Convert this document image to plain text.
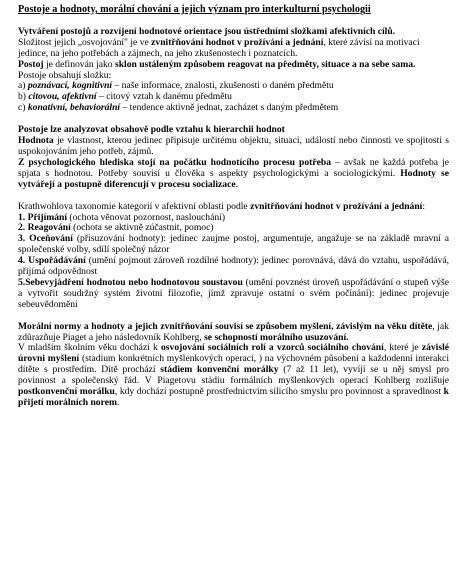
Postoje a hodnoty, morální chování a jejich význam pro interkulturní psychologii

Vytváření postojů a rozvíjení hodnotové orientace jsou ústředními složkami afektivních cílů.

Složitost jejich „osvojování" je ve zvnitřňování hodnot v prožívání a jednání, které závisí na motivaci jedince, na jeho potřebách a zájmech, na jeho zkušenostech i poznatcích.

Postoj je definován jako sklon ustáleným způsobem reagovat na předměty, situace a na sebe sama.

Postoje obsahují složku:

a) poznávací, kognitivní – naše informace, znalosti, zkušenosti o daném předmětu

b) citovou, afektivní – citový vztah k danému předmětu

c) konativní, behaviorální – tendence aktivně jednat, zacházet s daným předmětem

Postoje lze analyzovat obsahově podle vztahu k hierarchii hodnot

Hodnota je vlastnost, kterou jedinec připisuje určitému objektu, situaci, událostí nebo činnosti ve spojitosti s uspokojováním jeho potřeb, zájmů.

Z psychologického hlediska stojí na počátku hodnotícího procesu potřeba – avšak ne každá potřeba je spjata s hodnotou. Potřeby souvisí u člověka s aspekty psychologickými a sociologickými. Hodnoty se vytvářejí a postupně diferencují v procesu socializace.

Krathwohlova taxonomie kategorií v afektivní oblasti podle zvnitřňování hodnot v prožívání a jednání:

1. Přijímání (ochota věnovat pozornost, naslouchání)

2. Reagování (ochota se aktivně zúčastnit, pomoc)

3. Oceňování (přisuzování hodnoty): jedinec zaujme postoj, argumentuje, angažuje se na základě mravní a společenské volby, sdílí společný názor

4. Uspořádávání (umění pojmout zároveň rozdílné hodnoty): jedinec porovnává, dává do vztahu, uspořádává, přijímá odpovědnost

5.Sebevyjádření hodnotou nebo hodnotovou soustavou (umění povznést úroveň uspořádávání o stupeň výše a vytvořit soudržný systém životní filozofie, jímž zpravuje ostatní o svém počínání): jedinec projevuje sebeuvědomění

Morální normy a hodnoty a jejich zvnitřňování souvisí se způsobem myšlení, závislým na věku dítěte, jak zdůrazňuje Piaget a jeho následovník Kohlberg, se schopností morálního usuzování.

V mladším školním věku dochází k osvojování sociálních rolí a vzorců sociálního chování, které je závislé úrovni myšlení (stadium konkrétních myšlenkových operací, ) na výchovném působení a každodenní interakci dítěte s prostředím. Dítě prochází stádiem konvenční morálky (7 až 11 let), vyvíjí se u něj smysl pro povinnost a společenský řád. V Piagetovu stádiu formálních myšlenkových operací Kohlberg rozlišuje postkonvenční morálku, kdy dochází postupně prostřednictvím silicího smyslu pro povinnost a spravedlnost k přijetí morálních norem.
